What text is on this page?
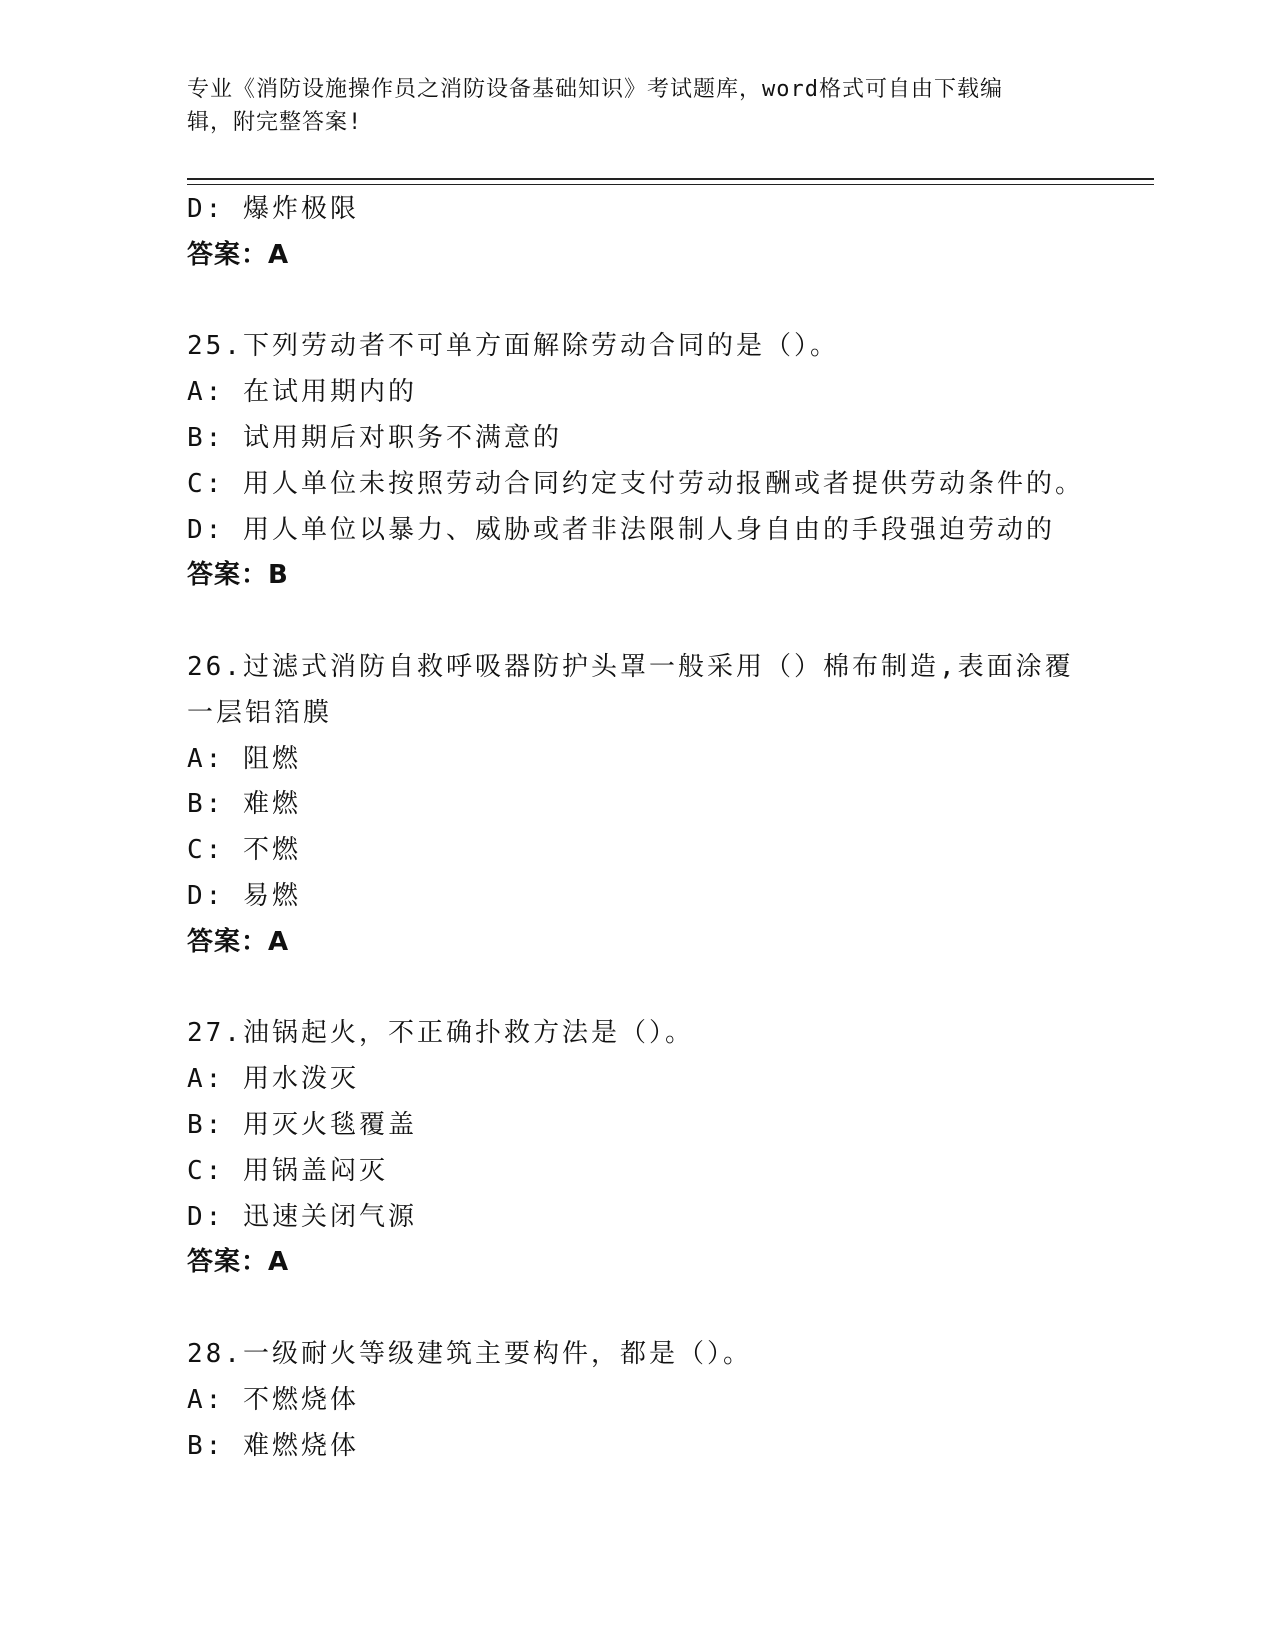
专业《消防设施操作员之消防设备基础知识》考试题库，word格式可自由下载编
辑，附完整答案!
D: 爆炸极限
答案：A
25.下列劳动者不可单方面解除劳动合同的是（）。
A: 在试用期内的
B: 试用期后对职务不满意的
C: 用人单位未按照劳动合同约定支付劳动报酬或者提供劳动条件的。
D: 用人单位以暴力、威胁或者非法限制人身自由的手段强迫劳动的
答案：B
26.过滤式消防自救呼吸器防护头罩一般采用（）棉布制造,表面涂覆
一层铝箔膜
A: 阻燃
B: 难燃
C: 不燃
D: 易燃
答案：A
27.油锅起火，不正确扑救方法是（）。
A: 用水泼灭
B: 用灭火毯覆盖
C: 用锅盖闷灭
D: 迅速关闭气源
答案：A
28.一级耐火等级建筑主要构件，都是（）。
A: 不燃烧体
B: 难燃烧体
